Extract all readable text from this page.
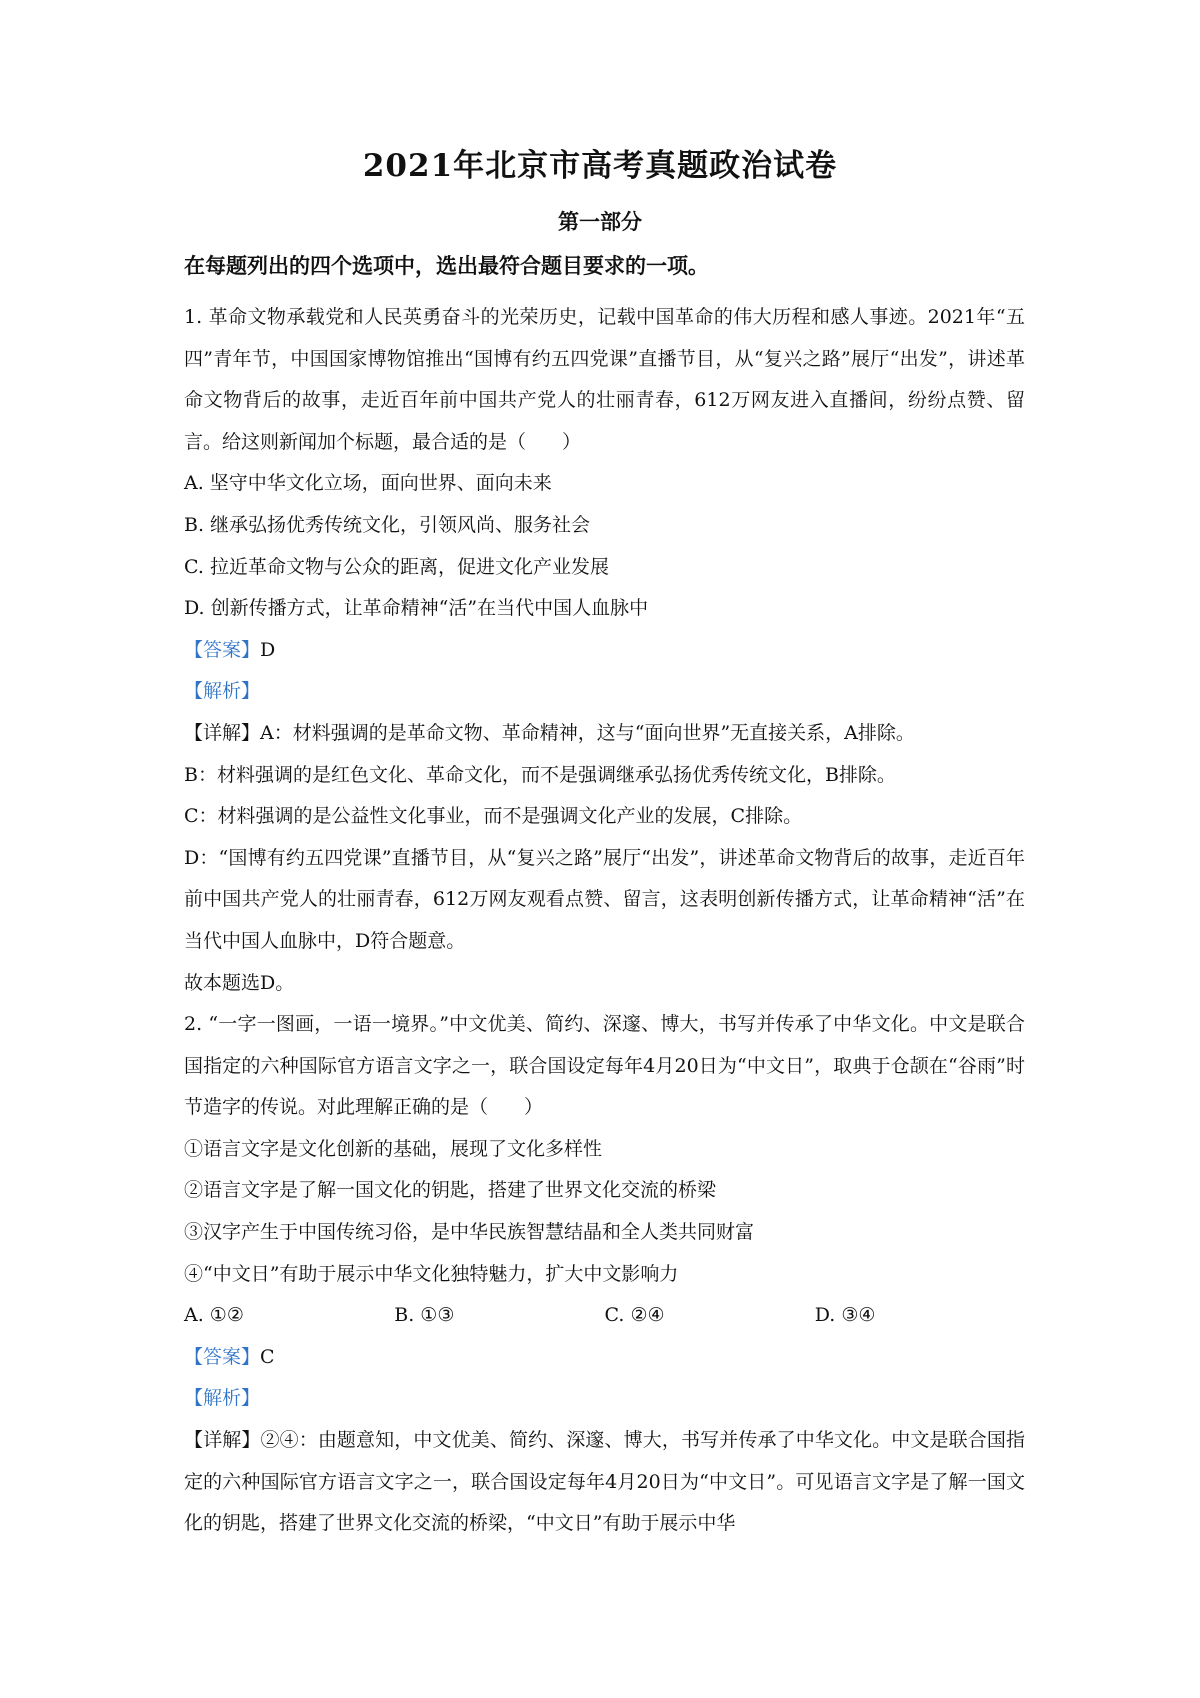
2021年北京市高考真题政治试卷
第一部分
在每题列出的四个选项中，选出最符合题目要求的一项。

1. 革命文物承载党和人民英勇奋斗的光荣历史，记载中国革命的伟大历程和感人事迹。2021年“五四”青年节，中国国家博物馆推出“国博有约五四党课”直播节目，从“复兴之路”展厅“出发”，讲述革命文物背后的故事，走近百年前中国共产党人的壮丽青春，612万网友进入直播间，纷纷点赞、留言。给这则新闻加个标题，最合适的是（ ）

A. 坚守中华文化立场，面向世界、面向未来

B. 继承弘扬优秀传统文化，引领风尚、服务社会

C. 拉近革命文物与公众的距离，促进文化产业发展

D. 创新传播方式，让革命精神“活”在当代中国人血脉中

【答案】D

【解析】

【详解】A：材料强调的是革命文物、革命精神，这与“面向世界”无直接关系，A排除。

B：材料强调的是红色文化、革命文化，而不是强调继承弘扬优秀传统文化，B排除。

C：材料强调的是公益性文化事业，而不是强调文化产业的发展，C排除。

D：“国博有约五四党课”直播节目，从“复兴之路”展厅“出发”，讲述革命文物背后的故事，走近百年前中国共产党人的壮丽青春，612万网友观看点赞、留言，这表明创新传播方式，让革命精神“活”在当代中国人血脉中，D符合题意。

故本题选D。

2. “一字一图画，一语一境界。”中文优美、简约、深邃、博大，书写并传承了中华文化。中文是联合国指定的六种国际官方语言文字之一，联合国设定每年4月20日为“中文日”，取典于仓颉在“谷雨”时节造字的传说。对此理解正确的是（ ）

①语言文字是文化创新的基础，展现了文化多样性

②语言文字是了解一国文化的钥匙，搭建了世界文化交流的桥梁

③汉字产生于中国传统习俗，是中华民族智慧结晶和全人类共同财富

④“中文日”有助于展示中华文化独特魅力，扩大中文影响力

A. ①②	B. ①③	C. ②④	D. ③④

【答案】C

【解析】

【详解】②④：由题意知，中文优美、简约、深邃、博大，书写并传承了中华文化。中文是联合国指定的六种国际官方语言文字之一，联合国设定每年4月20日为“中文日”。可见语言文字是了解一国文化的钥匙，搭建了世界文化交流的桥梁，“中文日”有助于展示中华
